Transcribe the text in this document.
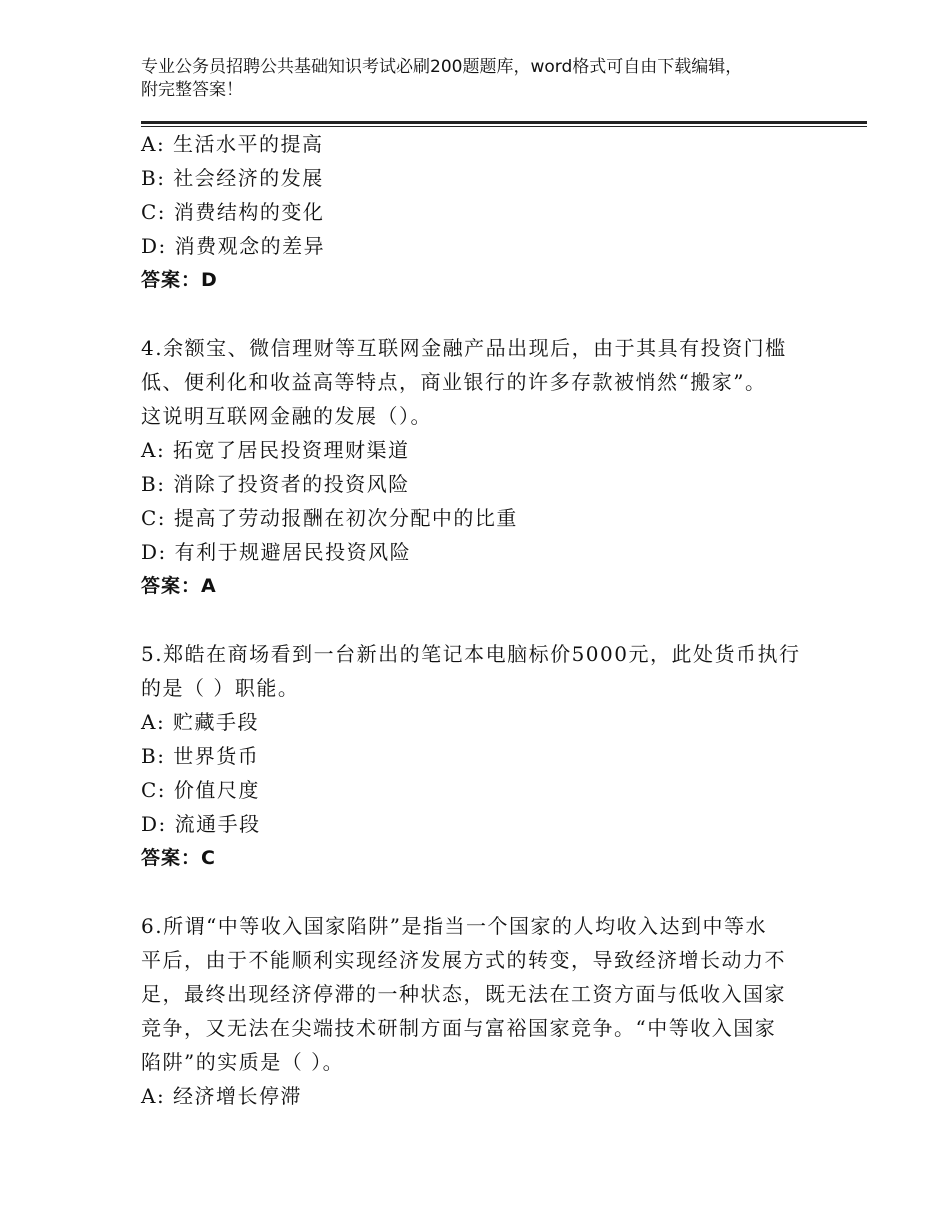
专业公务员招聘公共基础知识考试必刷200题题库，word格式可自由下载编辑，
附完整答案！
A: 生活水平的提高
B: 社会经济的发展
C: 消费结构的变化
D: 消费观念的差异
答案：D
4.余额宝、微信理财等互联网金融产品出现后，由于其具有投资门槛
低、便利化和收益高等特点，商业银行的许多存款被悄然“搬家”。
这说明互联网金融的发展（）。
A: 拓宽了居民投资理财渠道
B: 消除了投资者的投资风险
C: 提高了劳动报酬在初次分配中的比重
D: 有利于规避居民投资风险
答案：A
5.郑皓在商场看到一台新出的笔记本电脑标价5000元，此处货币执行
的是（ ）职能。
A: 贮藏手段
B: 世界货币
C: 价值尺度
D: 流通手段
答案：C
6.所谓“中等收入国家陷阱”是指当一个国家的人均收入达到中等水
平后，由于不能顺利实现经济发展方式的转变，导致经济增长动力不
足，最终出现经济停滞的一种状态，既无法在工资方面与低收入国家
竞争，又无法在尖端技术研制方面与富裕国家竞争。“中等收入国家
陷阱”的实质是（ ）。
A: 经济增长停滞
